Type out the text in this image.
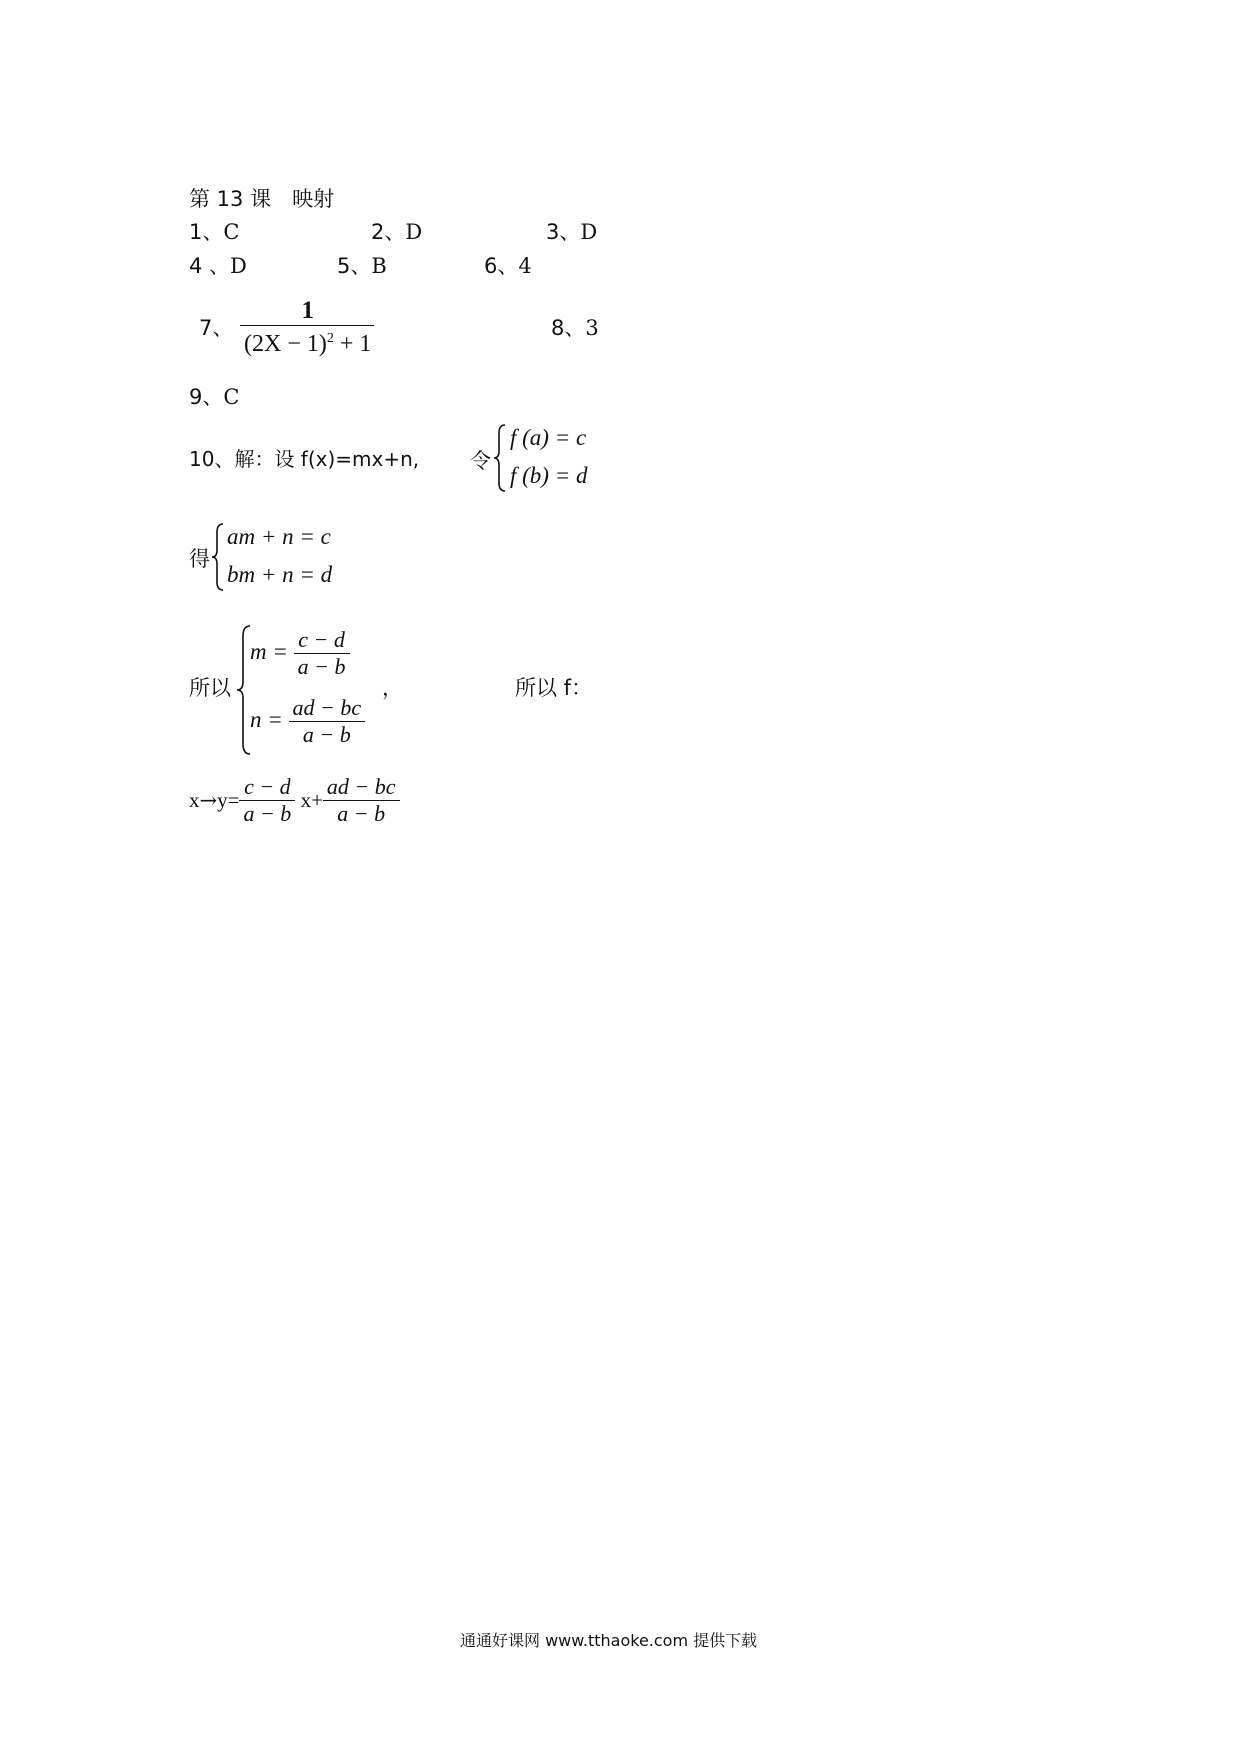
第 13 课　映射
1、C	2、D	3、D
4 、D	5、B	6、4
7、 $\frac{1}{(2X - 1)^2 + 1}$	8、3
9、C
10、解：设 f(x)=mx+n, 令
f (a) = c
f (b) = d
得
am + n = c
bm + n = d
所以
$m = \frac{c - d}{a - b}$
$n = \frac{ad - bc}{a - b}$
，	所以 f：
$x\to y= \frac{c - d}{a - b} x+ \frac{ad - bc}{a - b}$
通通好课网 www.tthaoke.com 提供下载
